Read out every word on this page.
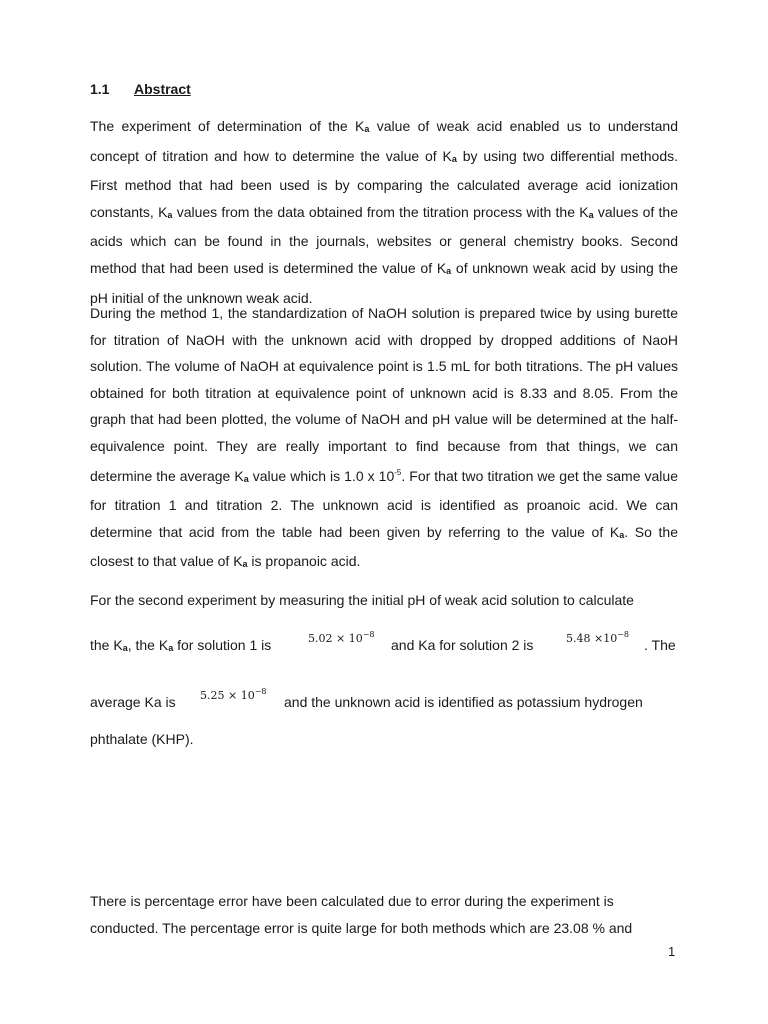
1.1 Abstract

The experiment of determination of the Ka value of weak acid enabled us to understand concept of titration and how to determine the value of Ka by using two differential methods. First method that had been used is by comparing the calculated average acid ionization constants, Ka values from the data obtained from the titration process with the Ka values of the acids which can be found in the journals, websites or general chemistry books. Second method that had been used is determined the value of Ka of unknown weak acid by using the pH initial of the unknown weak acid.

During the method 1, the standardization of NaOH solution is prepared twice by using burette for titration of NaOH with the unknown acid with dropped by dropped additions of NaoH solution. The volume of NaOH at equivalence point is 1.5 mL for both titrations. The pH values obtained for both titration at equivalence point of unknown acid is 8.33 and 8.05. From the graph that had been plotted, the volume of NaOH and pH value will be determined at the half-equivalence point. They are really important to find because from that things, we can determine the average Ka value which is 1.0 x $10^{-5}$. For that two titration we get the same value for titration 1 and titration 2. The unknown acid is identified as proanoic acid. We can determine that acid from the table had been given by referring to the value of Ka. So the closest to that value of Ka is propanoic acid.

For the second experiment by measuring the initial pH of weak acid solution to calculate

the Ka, the Ka for solution 1 is	$5.02 \times 10^{-8}$
and Ka for solution 2 is	$5.48 \times 10^{-8}$
. The
average Ka is $5.25 \times 10^{-8}$
and the unknown acid is identified as potassium hydrogen
phthalate (KHP).
There is percentage error have been calculated due to error during the experiment is
conducted. The percentage error is quite large for both methods which are 23.08 % and
1
